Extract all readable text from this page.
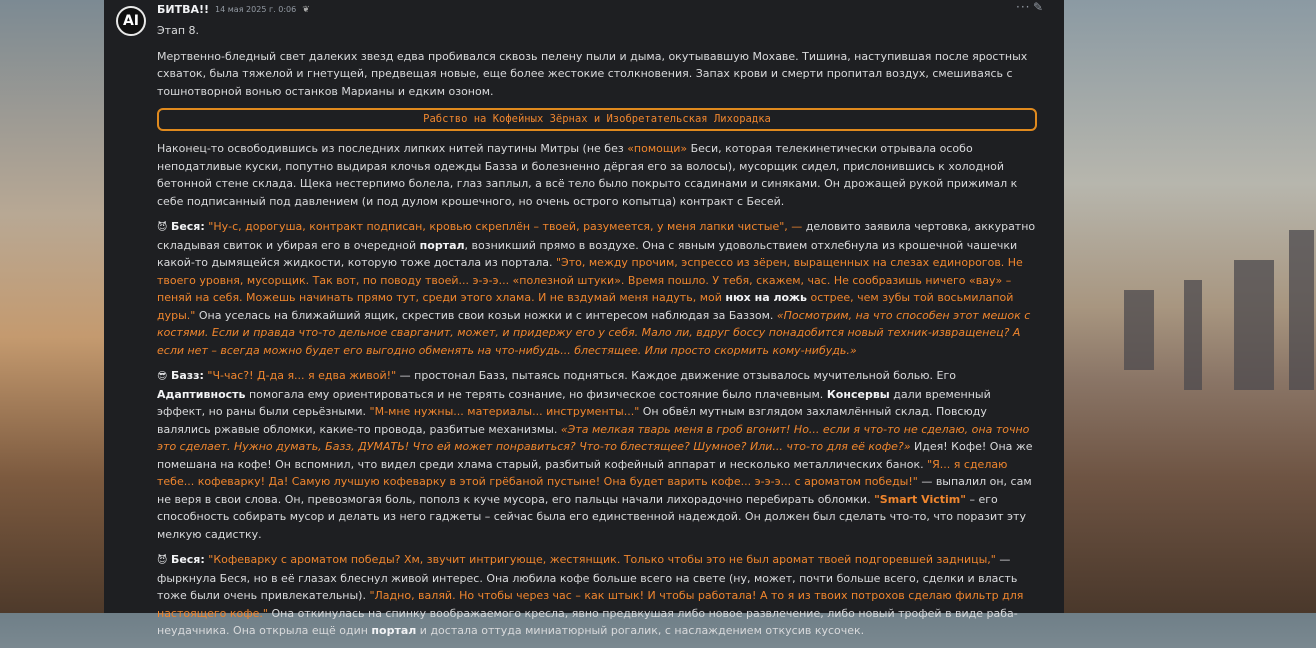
AI
БИТВА!! 14 мая 2025 г. 0:06 ❦	··· ✎

Этап 8.

Мертвенно-бледный свет далеких звезд едва пробивался сквозь пелену пыли и дыма, окутывавшую Мохаве. Тишина, наступившая после яростных схваток, была тяжелой и гнетущей, предвещая новые, еще более жестокие столкновения. Запах крови и смерти пропитал воздух, смешиваясь с тошнотворной вонью останков Марианы и едким озоном.

Рабство на Кофейных Зёрнах и Изобретательская Лихорадка

Наконец-то освободившись из последних липких нитей паутины Митры (не без «помощи» Беси, которая телекинетически отрывала особо неподатливые куски, попутно выдирая клочья одежды Базза и болезненно дёргая его за волосы), мусорщик сидел, прислонившись к холодной бетонной стене склада. Щека нестерпимо болела, глаз заплыл, а всё тело было покрыто ссадинами и синяками. Он дрожащей рукой прижимал к себе подписанный под давлением (и под дулом крошечного, но очень острого копытца) контракт с Бесей.

😈 Беся: "Ну-с, дорогуша, контракт подписан, кровью скреплён – твоей, разумеется, у меня лапки чистые", — деловито заявила чертовка, аккуратно складывая свиток и убирая его в очередной портал, возникший прямо в воздухе. Она с явным удовольствием отхлебнула из крошечной чашечки какой-то дымящейся жидкости, которую тоже достала из портала. "Это, между прочим, эспрессо из зёрен, выращенных на слезах единорогов. Не твоего уровня, мусорщик. Так вот, по поводу твоей... э-э-э... «полезной штуки». Время пошло. У тебя, скажем, час. Не сообразишь ничего «вау» – пеняй на себя. Можешь начинать прямо тут, среди этого хлама. И не вздумай меня надуть, мой нюх на ложь острее, чем зубы той восьмилапой дуры." Она уселась на ближайший ящик, скрестив свои козьи ножки и с интересом наблюдая за Баззом. «Посмотрим, на что способен этот мешок с костями. Если и правда что-то дельное сварганит, может, и придержу его у себя. Мало ли, вдруг боссу понадобится новый техник-извращенец? А если нет – всегда можно будет его выгодно обменять на что-нибудь... блестящее. Или просто скормить кому-нибудь.»

😎 Базз: "Ч-час?! Д-да я... я едва живой!" — простонал Базз, пытаясь подняться. Каждое движение отзывалось мучительной болью. Его Адаптивность помогала ему ориентироваться и не терять сознание, но физическое состояние было плачевным. Консервы дали временный эффект, но раны были серьёзными. "М-мне нужны... материалы... инструменты..." Он обвёл мутным взглядом захламлённый склад. Повсюду валялись ржавые обломки, какие-то провода, разбитые механизмы. «Эта мелкая тварь меня в гроб вгонит! Но... если я что-то не сделаю, она точно это сделает. Нужно думать, Базз, ДУМАТЬ! Что ей может понравиться? Что-то блестящее? Шумное? Или... что-то для её кофе?» Идея! Кофе! Она же помешана на кофе! Он вспомнил, что видел среди хлама старый, разбитый кофейный аппарат и несколько металлических банок. "Я... я сделаю тебе... кофеварку! Да! Самую лучшую кофеварку в этой грёбаной пустыне! Она будет варить кофе... э-э-э... с ароматом победы!" — выпалил он, сам не веря в свои слова. Он, превозмогая боль, пополз к куче мусора, его пальцы начали лихорадочно перебирать обломки. "Smart Victim" – его способность собирать мусор и делать из него гаджеты – сейчас была его единственной надеждой. Он должен был сделать что-то, что поразит эту мелкую садистку.

😈 Беся: "Кофеварку с ароматом победы? Хм, звучит интригующе, жестянщик. Только чтобы это не был аромат твоей подгоревшей задницы," — фыркнула Беся, но в её глазах блеснул живой интерес. Она любила кофе больше всего на свете (ну, может, почти больше всего, сделки и власть тоже были очень привлекательны). "Ладно, валяй. Но чтобы через час – как штык! И чтобы работала! А то я из твоих потрохов сделаю фильтр для настоящего кофе." Она откинулась на спинку воображаемого кресла, явно предвкушая либо новое развлечение, либо новый трофей в виде раба-неудачника. Она открыла ещё один портал и достала оттуда миниатюрный рогалик, с наслаждением откусив кусочек.
